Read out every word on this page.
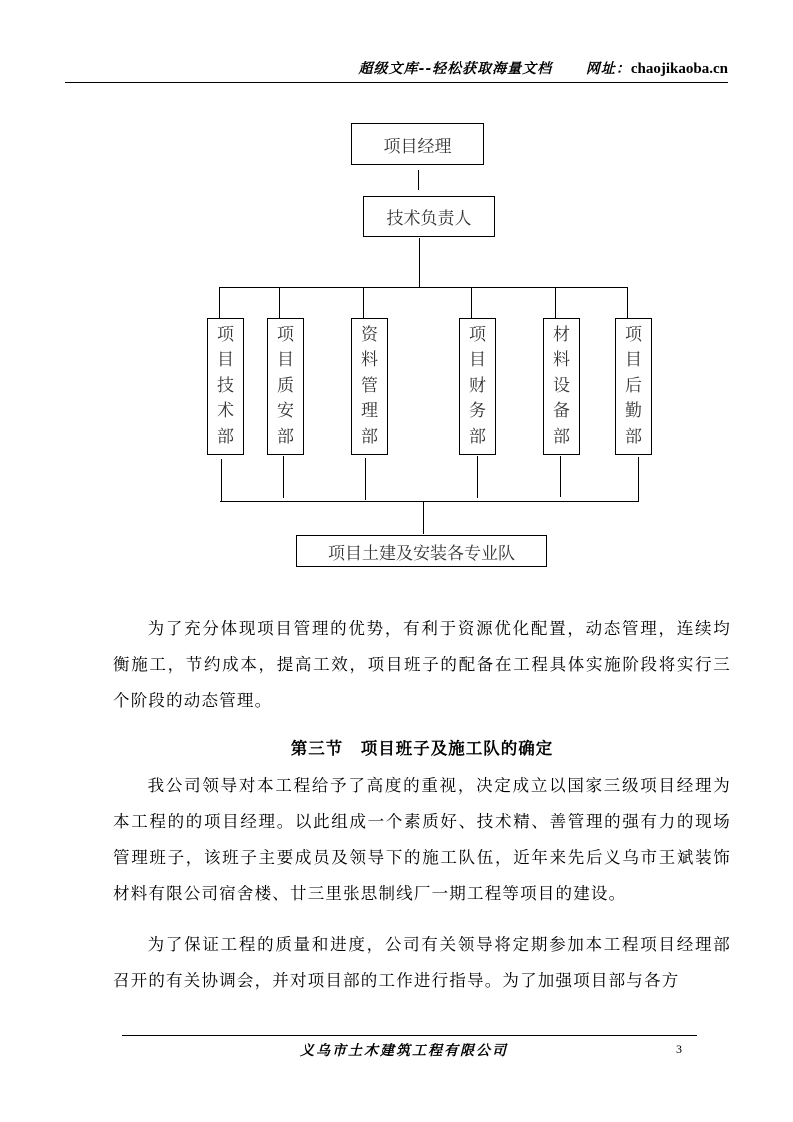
超级文库--轻松获取海量文档 网址：chaojikaoba.cn
项目经理
技术负责人
项
目
技
术
部
项
目
质
安
部
资
料
管
理
部
项
目
财
务
部
材
料
设
备
部
项
目
后
勤
部
项目土建及安装各专业队
为了充分体现项目管理的优势，有利于资源优化配置，动态管理，连续均衡施工，节约成本，提高工效，项目班子的配备在工程具体实施阶段将实行三个阶段的动态管理。
第三节　项目班子及施工队的确定
我公司领导对本工程给予了高度的重视，决定成立以国家三级项目经理为本工程的的项目经理。以此组成一个素质好、技术精、善管理的强有力的现场管理班子，该班子主要成员及领导下的施工队伍，近年来先后义乌市王斌装饰材料有限公司宿舍楼、廿三里张思制线厂一期工程等项目的建设。
为了保证工程的质量和进度，公司有关领导将定期参加本工程项目经理部召开的有关协调会，并对项目部的工作进行指导。为了加强项目部与各方
义乌市土木建筑工程有限公司	3
